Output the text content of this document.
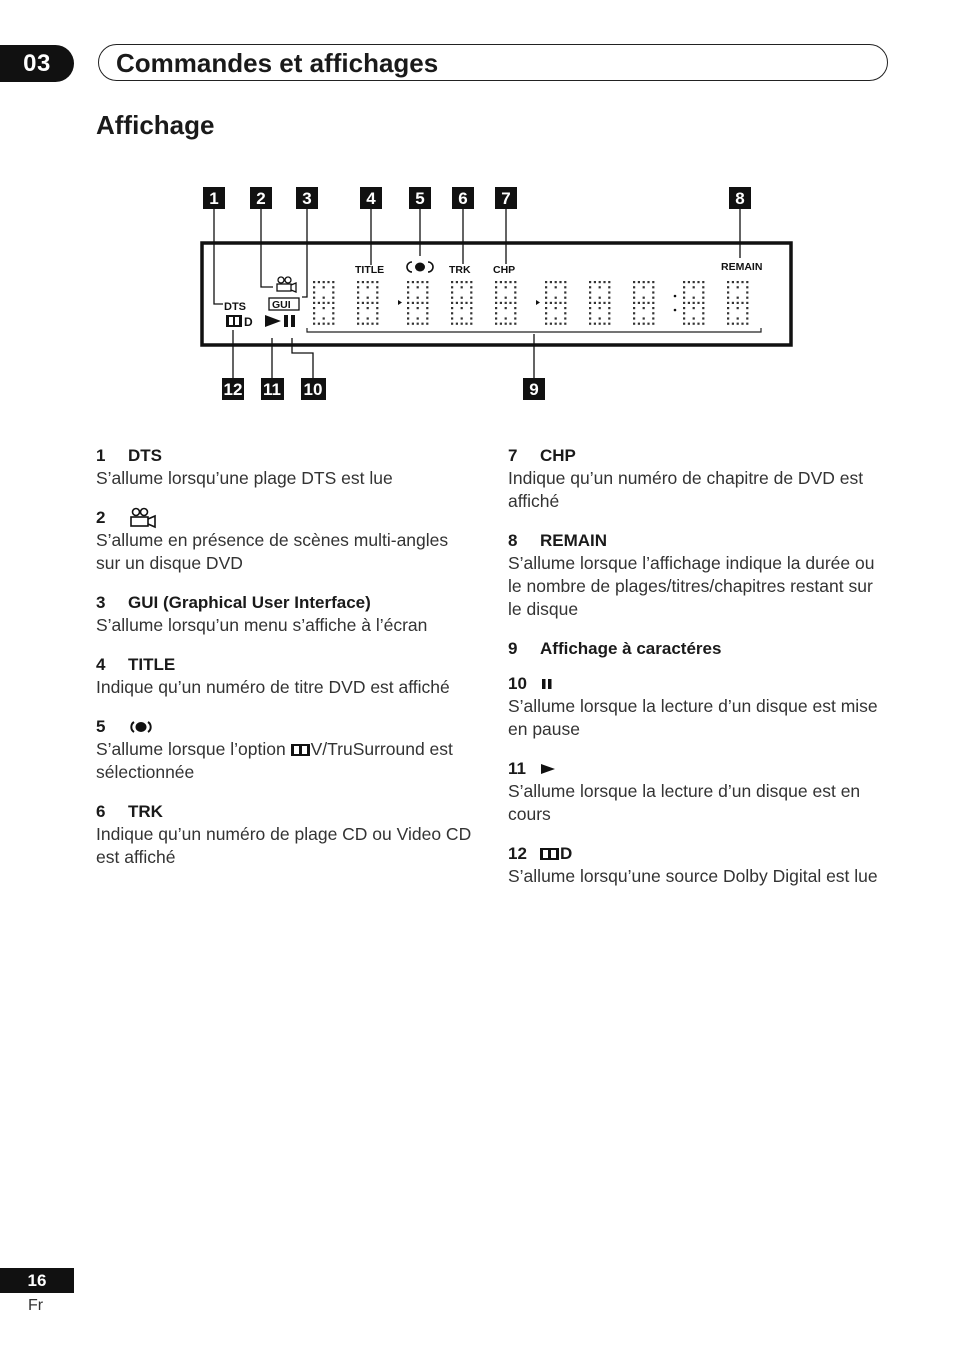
03	Commandes et affichages
Affichage
1 2 3	4 5 6 7	8
12 11 10	9
TITLE	TRK CHP	REMAIN
DTS GUI
D
1	DTS
S’allume lorsqu’une plage DTS est lue
2
S’allume en présence de scènes multi-angles sur un disque DVD
3	GUI (Graphical User Interface)
S’allume lorsqu’un menu s’affiche à l’écran
4	TITLE
Indique qu’un numéro de titre DVD est affiché
5
S’allume lorsque l’option V/TruSurround est sélectionnée
6	TRK
Indique qu’un numéro de plage CD ou Video CD est affiché
7	CHP
Indique qu’un numéro de chapitre de DVD est affiché
8	REMAIN
S’allume lorsque l’affichage indique la durée ou le nombre de plages/titres/chapitres restant sur le disque
9	Affichage à caractéres
10
S’allume lorsque la lecture d’un disque est mise en pause
11
S’allume lorsque la lecture d’un disque est en cours
12	D
S’allume lorsqu’une source Dolby Digital est lue
16
Fr
